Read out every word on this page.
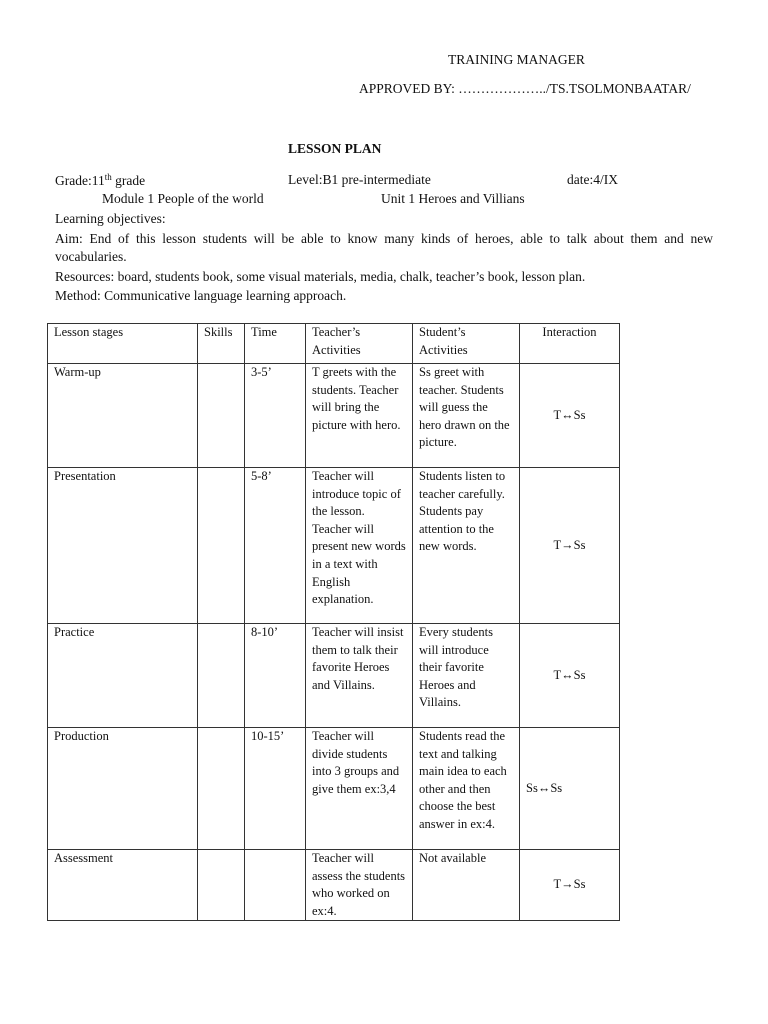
TRAINING MANAGER
APPROVED BY: ………………../TS.TSOLMONBAATAR/
LESSON PLAN
Grade:11th grade	Level:B1 pre-intermediate	date:4/IX
Module 1 People of the world	Unit 1 Heroes and Villians
Learning objectives:
Aim: End of this lesson students will be able to know many kinds of heroes, able to talk about them and new vocabularies.
Resources: board, students book, some visual materials, media, chalk, teacher’s book, lesson plan.
Method: Communicative language learning approach.
Lesson stages	Skills	Time	Teacher’s Activities	Student’s Activities	Interaction
Warm-up		3-5’	T greets with the students. Teacher will bring the picture with hero.	Ss greet with teacher. Students will guess the hero drawn on the picture.	T↔Ss
Presentation		5-8’	Teacher will introduce topic of the lesson. Teacher will present new words in a text with English explanation.	Students listen to teacher carefully. Students pay attention to the new words.	T→Ss
Practice		8-10’	Teacher will insist them to talk their favorite Heroes and Villains.	Every students will introduce their favorite Heroes and Villains.	T↔Ss
Production		10-15’	Teacher will divide students into 3 groups and give them ex:3,4	Students read the text and talking main idea to each other and then choose the best answer in ex:4.	Ss↔Ss
Assessment			Teacher will assess the students who worked on ex:4.	Not available	T→Ss
